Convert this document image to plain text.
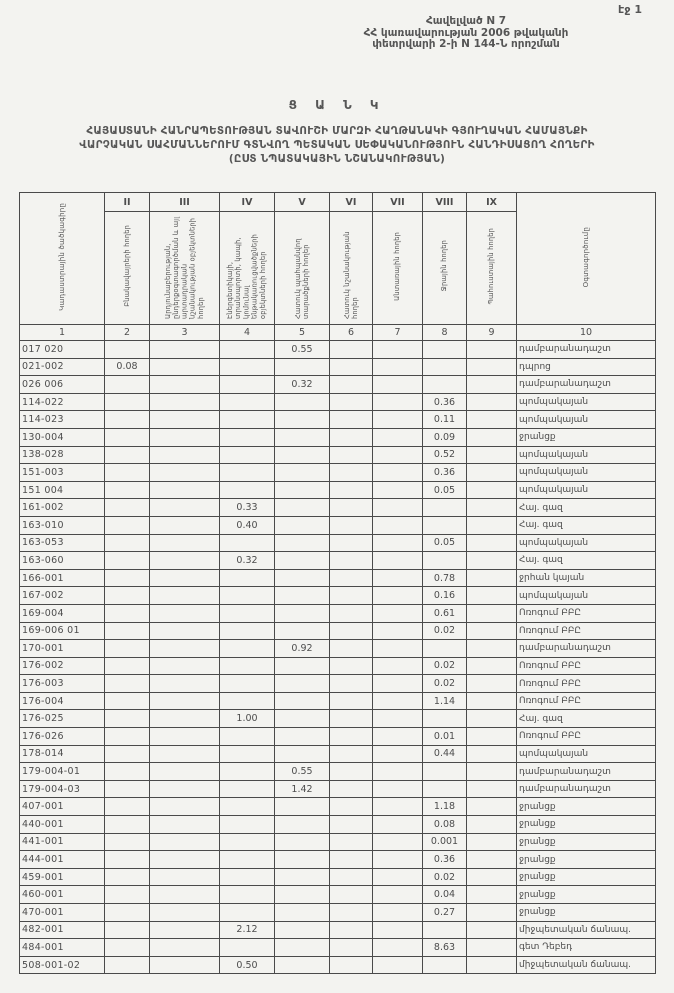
էջ 1
Հավելված N 7
ՀՀ կառավարության 2006 թվականի
փետրվարի 2-ի N 144-Ն որոշման
Ց Ա Ն Կ
ՀԱՅԱՍՏԱՆԻ ՀԱՆՐԱՊԵՏՈՒԹՅԱՆ ՏԱՎՈՒՇԻ ՄԱՐԶԻ ՀԱՂԹԱՆԱԿԻ ԳՅՈՒՂԱԿԱՆ ՀԱՄԱՅՆՔԻ
ՎԱՐՉԱԿԱՆ ՍԱՀՄԱՆՆԵՐՈՒՄ ԳՏՆՎՈՂ ՊԵՏԱԿԱՆ ՍԵՓԱԿԱՆՈՒԹՅՈՒՆ ՀԱՆԴԻՍԱՑՈՂ ՀՈՂԵՐԻ
(ԸՍՏ ՆՊԱՏԱԿԱՅԻՆ ՆՇԱՆԱԿՈՒԹՅԱՆ)
Կադաստրային ծածկագիրը	II	III	IV	V	VI	VII	VIII	IX	Օգտագործումը
	Բնակավայրերի հողեր	Արդյունաբերության, ընդերքօգտագործման և այլ արտադրական նշանակության օբյեկտների հողեր	Էներգետիկայի, տրանսպորտի, կապի, կոմունալ ենթակառուցվածքների օբյեկտների հողեր	Հատուկ պահպանվող տարածքների հողեր	Հատուկ նշանակության հողեր	Անտառային հողեր	Ջրային հողեր	Պահուստային հողեր	
1	2	3	4	5	6	7	8	9	10
017 020				0.55					դամբարանադաշտ
021-002	0.08								դպրոց
026 006				0.32					դամբարանադաշտ
114-022							0.36		պոմպակայան
114-023							0.11		պոմպակայան
130-004							0.09		ջրանցք
138-028							0.52		պոմպակայան
151-003							0.36		պոմպակայան
151 004							0.05		պոմպակայան
161-002			0.33						Հայ. գազ
163-010			0.40						Հայ. գազ
163-053							0.05		պոմպակայան
163-060			0.32						Հայ. գազ
166-001							0.78		ջրհան կայան
167-002							0.16		պոմպակայան
169-004							0.61		Ոռոգում ԲԲԸ
169-006 01							0.02		Ոռոգում ԲԲԸ
170-001				0.92					դամբարանադաշտ
176-002							0.02		Ոռոգում ԲԲԸ
176-003							0.02		Ոռոգում ԲԲԸ
176-004							1.14		Ոռոգում ԲԲԸ
176-025			1.00						Հայ. գազ
176-026							0.01		Ոռոգում ԲԲԸ
178-014							0.44		պոմպակայան
179-004-01				0.55					դամբարանադաշտ
179-004-03				1.42					դամբարանադաշտ
407-001							1.18		ջրանցք
440-001							0.08		ջրանցք
441-001							0.001		ջրանցք
444-001							0.36		ջրանցք
459-001							0.02		ջրանցք
460-001							0.04		ջրանցք
470-001							0.27		ջրանցք
482-001			2.12						միջպետական ճանապ.
484-001							8.63		գետ Դեբեդ
508-001-02			0.50						միջպետական ճանապ.
